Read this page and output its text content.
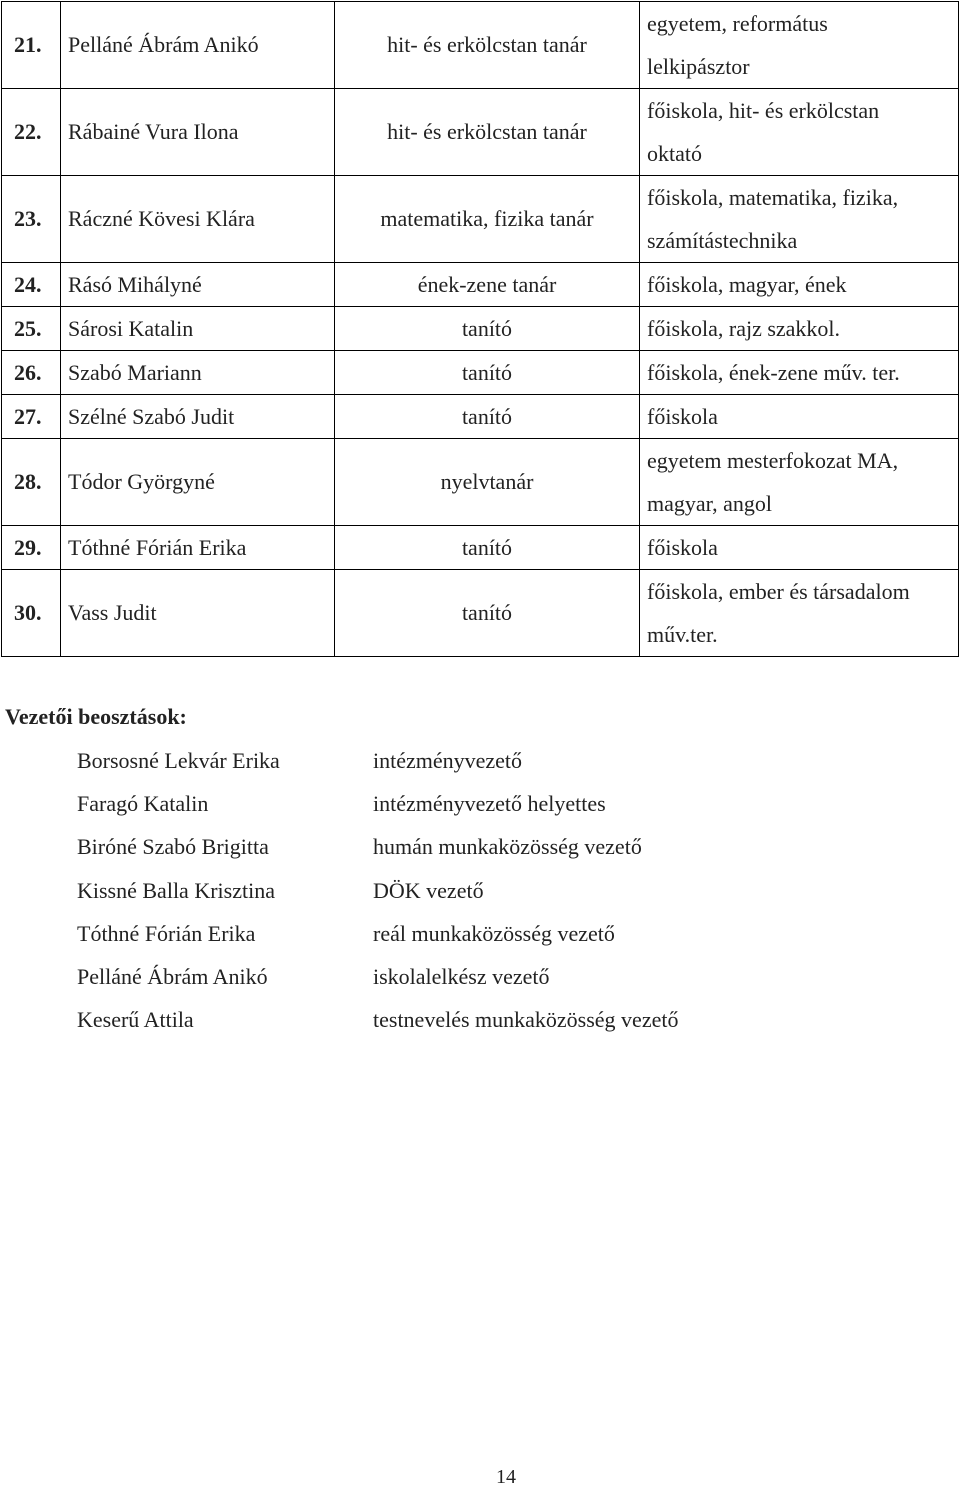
21.	Pelláné Ábrám Anikó	hit- és erkölcstan tanár	egyetem, református
lelkipásztor

22.	Rábainé Vura Ilona	hit- és erkölcstan tanár	főiskola, hit- és erkölcstan
oktató

23.	Ráczné Kövesi Klára	matematika, fizika tanár	főiskola, matematika, fizika,
számítástechnika

24.	Rásó Mihályné	ének-zene tanár	főiskola, magyar, ének

25.	Sárosi Katalin	tanító	főiskola, rajz szakkol.

26.	Szabó Mariann	tanító	főiskola, ének-zene műv. ter.

27.	Szélné Szabó Judit	tanító	főiskola

28.	Tódor Györgyné	nyelvtanár	egyetem mesterfokozat MA,
magyar, angol

29.	Tóthné Fórián Erika	tanító	főiskola

30.	Vass Judit	tanító	főiskola, ember és társadalom
műv.ter.
Vezetői beosztások:
Borsosné Lekvár Erika	intézményvezető
Faragó Katalin	intézményvezető helyettes
Biróné Szabó Brigitta	humán munkaközösség vezető
Kissné Balla Krisztina	DÖK vezető
Tóthné Fórián Erika	reál munkaközösség vezető
Pelláné Ábrám Anikó	iskolalelkész vezető
Keserű Attila	testnevelés munkaközösség vezető
14
